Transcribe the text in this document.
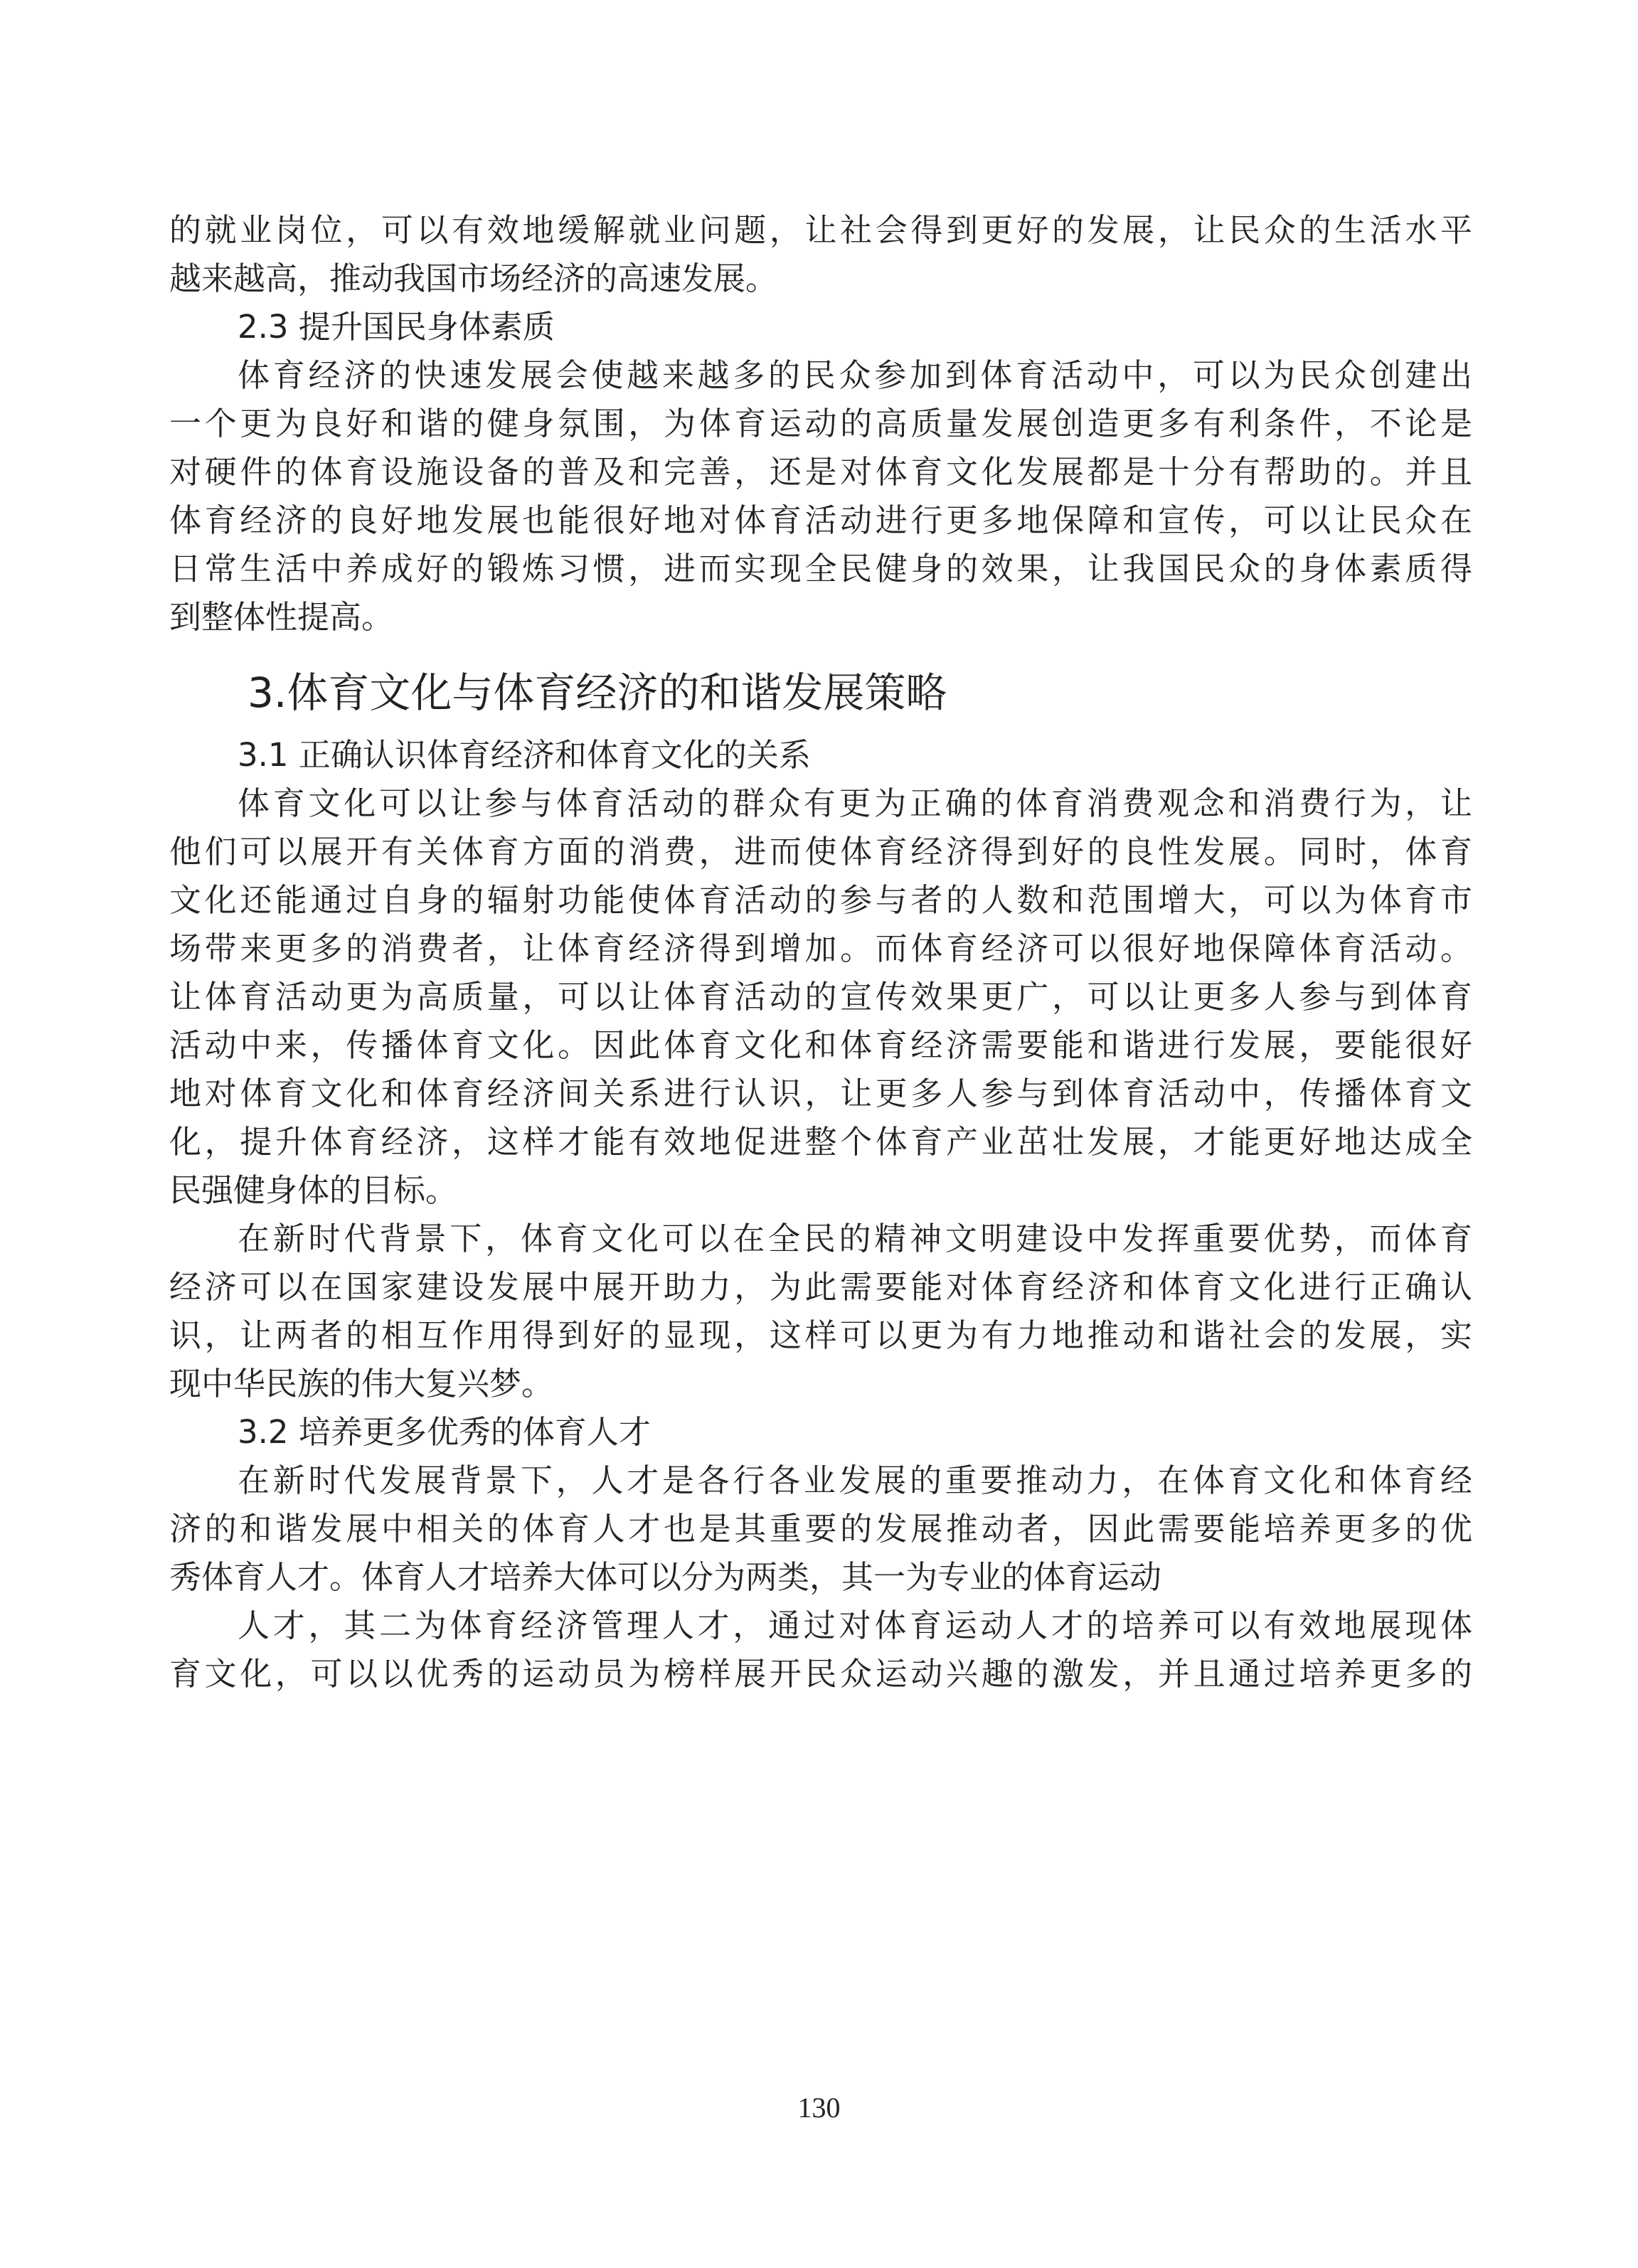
的就业岗位，可以有效地缓解就业问题，让社会得到更好的发展，让民众的生活水平
越来越高，推动我国市场经济的高速发展。
2.3 提升国民身体素质
体育经济的快速发展会使越来越多的民众参加到体育活动中，可以为民众创建出
一个更为良好和谐的健身氛围，为体育运动的高质量发展创造更多有利条件，不论是
对硬件的体育设施设备的普及和完善，还是对体育文化发展都是十分有帮助的。并且
体育经济的良好地发展也能很好地对体育活动进行更多地保障和宣传，可以让民众在
日常生活中养成好的锻炼习惯，进而实现全民健身的效果，让我国民众的身体素质得
到整体性提高。
3.体育文化与体育经济的和谐发展策略
3.1 正确认识体育经济和体育文化的关系
体育文化可以让参与体育活动的群众有更为正确的体育消费观念和消费行为，让
他们可以展开有关体育方面的消费，进而使体育经济得到好的良性发展。同时，体育
文化还能通过自身的辐射功能使体育活动的参与者的人数和范围增大，可以为体育市
场带来更多的消费者，让体育经济得到增加。而体育经济可以很好地保障体育活动。
让体育活动更为高质量，可以让体育活动的宣传效果更广，可以让更多人参与到体育
活动中来，传播体育文化。因此体育文化和体育经济需要能和谐进行发展，要能很好
地对体育文化和体育经济间关系进行认识，让更多人参与到体育活动中，传播体育文
化，提升体育经济，这样才能有效地促进整个体育产业茁壮发展，才能更好地达成全
民强健身体的目标。
在新时代背景下，体育文化可以在全民的精神文明建设中发挥重要优势，而体育
经济可以在国家建设发展中展开助力，为此需要能对体育经济和体育文化进行正确认
识，让两者的相互作用得到好的显现，这样可以更为有力地推动和谐社会的发展，实
现中华民族的伟大复兴梦。
3.2 培养更多优秀的体育人才
在新时代发展背景下，人才是各行各业发展的重要推动力，在体育文化和体育经
济的和谐发展中相关的体育人才也是其重要的发展推动者，因此需要能培养更多的优
秀体育人才。体育人才培养大体可以分为两类，其一为专业的体育运动
人才，其二为体育经济管理人才，通过对体育运动人才的培养可以有效地展现体
育文化，可以以优秀的运动员为榜样展开民众运动兴趣的激发，并且通过培养更多的
130
